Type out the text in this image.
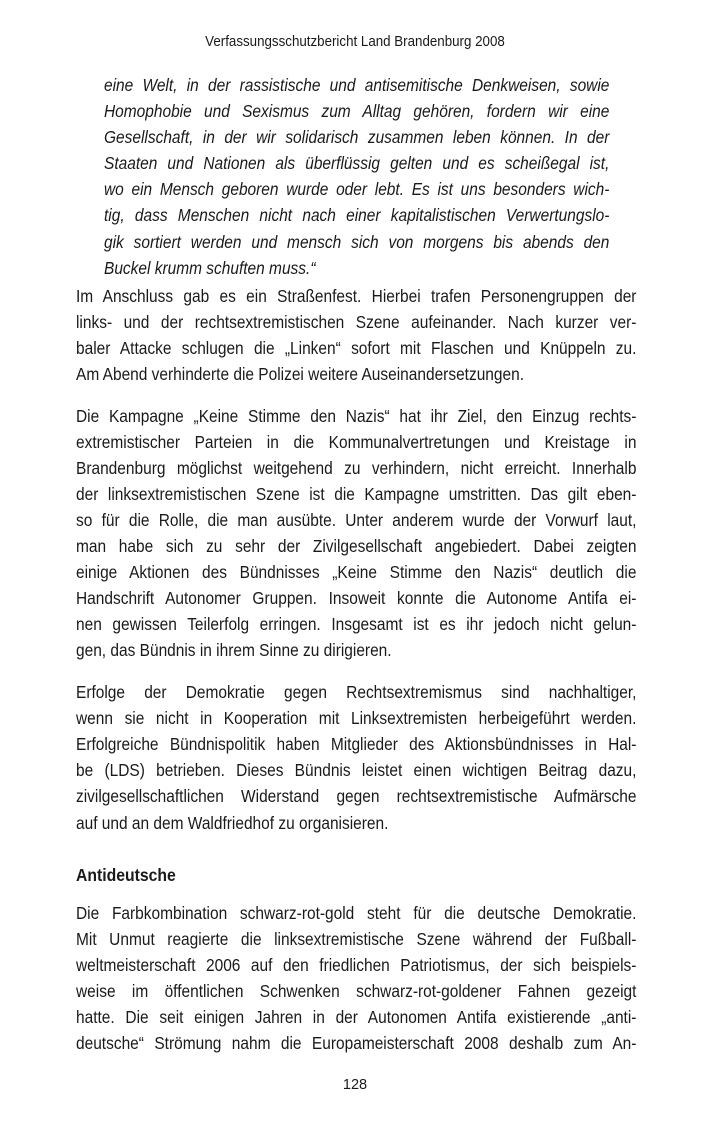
Verfassungsschutzbericht Land Brandenburg 2008
eine Welt, in der rassistische und antisemitische Denkweisen, sowie
Homophobie und Sexismus zum Alltag gehören, fordern wir eine
Gesellschaft, in der wir solidarisch zusammen leben können. In der
Staaten und Nationen als überflüssig gelten und es scheißegal ist,
wo ein Mensch geboren wurde oder lebt. Es ist uns besonders wich-
tig, dass Menschen nicht nach einer kapitalistischen Verwertungslo-
gik sortiert werden und mensch sich von morgens bis abends den
Buckel krumm schuften muss.“
Im Anschluss gab es ein Straßenfest. Hierbei trafen Personengruppen der
links- und der rechtsextremistischen Szene aufeinander. Nach kurzer ver-
baler Attacke schlugen die „Linken“ sofort mit Flaschen und Knüppeln zu.
Am Abend verhinderte die Polizei weitere Auseinandersetzungen.
Die Kampagne „Keine Stimme den Nazis“ hat ihr Ziel, den Einzug rechts-
extremistischer Parteien in die Kommunalvertretungen und Kreistage in
Brandenburg möglichst weitgehend zu verhindern, nicht erreicht. Innerhalb
der linksextremistischen Szene ist die Kampagne umstritten. Das gilt eben-
so für die Rolle, die man ausübte. Unter anderem wurde der Vorwurf laut,
man habe sich zu sehr der Zivilgesellschaft angebiedert. Dabei zeigten
einige Aktionen des Bündnisses „Keine Stimme den Nazis“ deutlich die
Handschrift Autonomer Gruppen. Insoweit konnte die Autonome Antifa ei-
nen gewissen Teilerfolg erringen. Insgesamt ist es ihr jedoch nicht gelun-
gen, das Bündnis in ihrem Sinne zu dirigieren.
Erfolge der Demokratie gegen Rechtsextremismus sind nachhaltiger,
wenn sie nicht in Kooperation mit Linksextremisten herbeigeführt werden.
Erfolgreiche Bündnispolitik haben Mitglieder des Aktionsbündnisses in Hal-
be (LDS) betrieben. Dieses Bündnis leistet einen wichtigen Beitrag dazu,
zivilgesellschaftlichen Widerstand gegen rechtsextremistische Aufmärsche
auf und an dem Waldfriedhof zu organisieren.
Antideutsche
Die Farbkombination schwarz-rot-gold steht für die deutsche Demokratie.
Mit Unmut reagierte die linksextremistische Szene während der Fußball-
weltmeisterschaft 2006 auf den friedlichen Patriotismus, der sich beispiels-
weise im öffentlichen Schwenken schwarz-rot-goldener Fahnen gezeigt
hatte. Die seit einigen Jahren in der Autonomen Antifa existierende „anti-
deutsche“ Strömung nahm die Europameisterschaft 2008 deshalb zum An-
128
